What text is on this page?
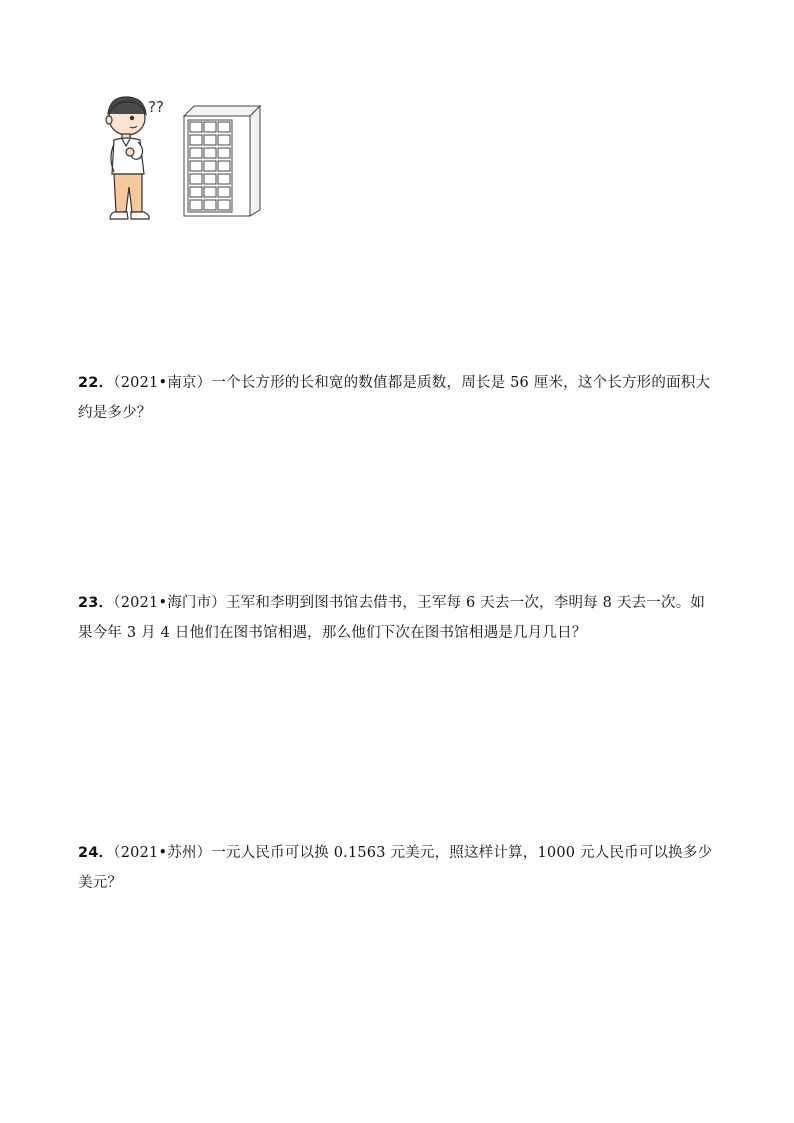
??
22．（2021•南京）一个长方形的长和宽的数值都是质数，周长是 56 厘米，这个长方形的面积大约是多少？
23．（2021•海门市）王军和李明到图书馆去借书，王军每 6 天去一次，李明每 8 天去一次。如果今年 3 月 4 日他们在图书馆相遇，那么他们下次在图书馆相遇是几月几日？
24．（2021•苏州）一元人民币可以换 0.1563 元美元，照这样计算，1000 元人民币可以换多少美元？
